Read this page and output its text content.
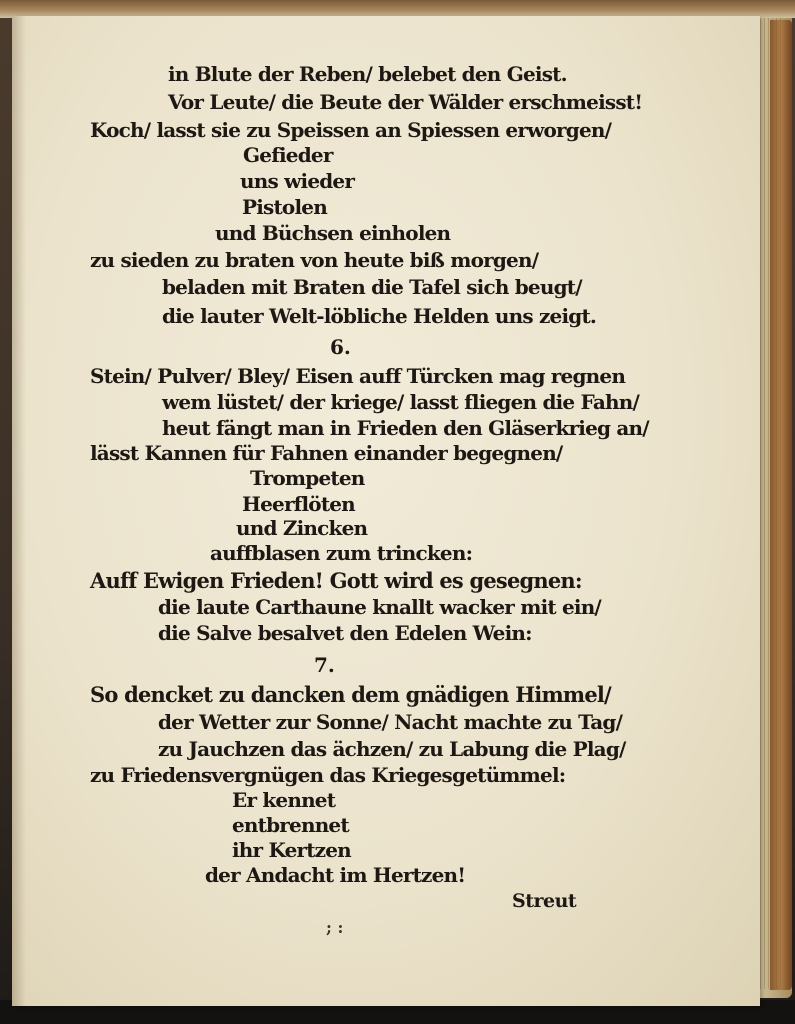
in Blute der Reben/ belebet den Geist.
Vor Leute/ die Beute der Wälder erschmeisst!
Koch/ lasst sie zu Speissen an Spiessen erworgen/
Gefieder
uns wieder
Pistolen
und Büchsen einholen
zu sieden zu braten von heute biß morgen/
beladen mit Braten die Tafel sich beugt/
die lauter Welt-löbliche Helden uns zeigt.
6.
Stein/ Pulver/ Bley/ Eisen auff Türcken mag regnen
wem lüstet/ der kriege/ lasst fliegen die Fahn/
heut fängt man in Frieden den Gläserkrieg an/
lässt Kannen für Fahnen einander begegnen/
Trompeten
Heerflöten
und Zincken
auffblasen zum trincken:
Auff Ewigen Frieden! Gott wird es gesegnen:
die laute Carthaune knallt wacker mit ein/
die Salve besalvet den Edelen Wein:
7.
So dencket zu dancken dem gnädigen Himmel/
der Wetter zur Sonne/ Nacht machte zu Tag/
zu Jauchzen das ächzen/ zu Labung die Plag/
zu Friedensvergnügen das Kriegesgetümmel:
Er kennet
entbrennet
ihr Kertzen
der Andacht im Hertzen!
Streut
; :
